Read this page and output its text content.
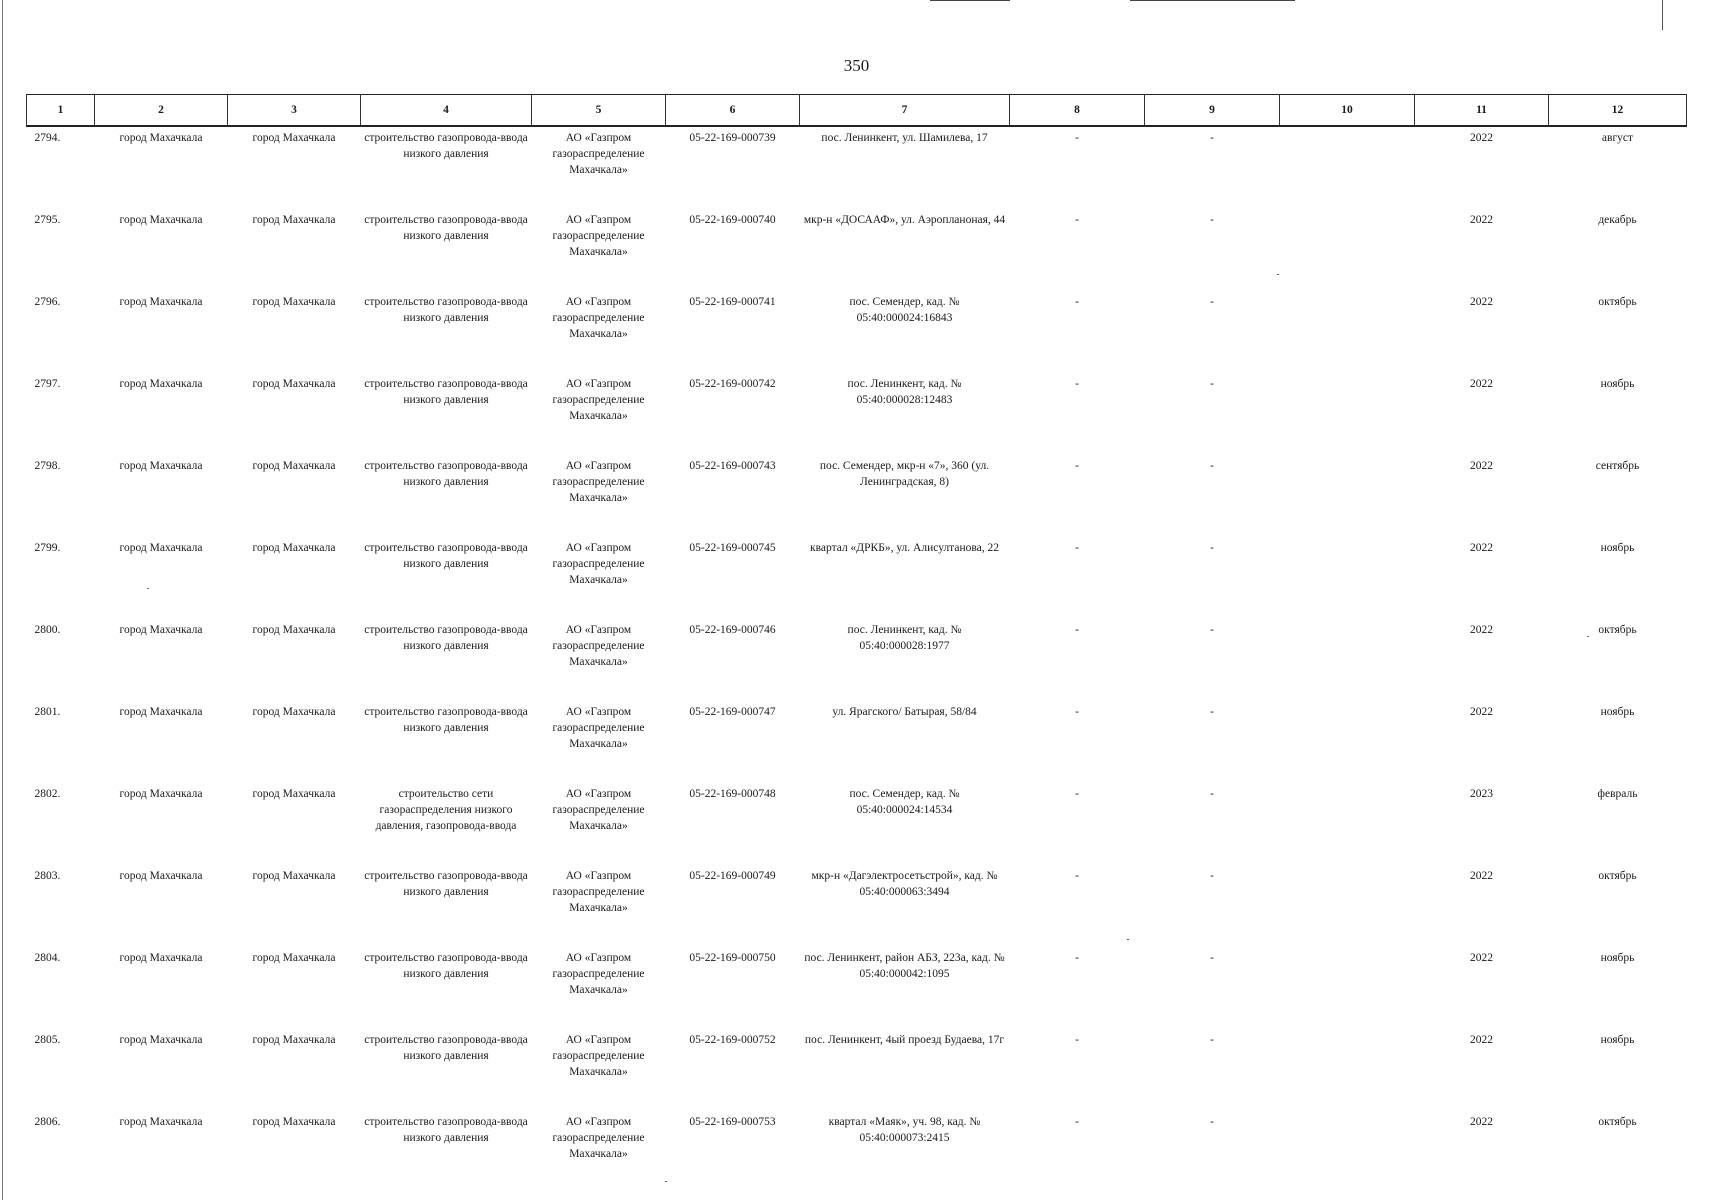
350
1	2	3	4	5	6	7	8	9	10	11	12
2794.	город Махачкала	город Махачкала	строительство газопровода-ввода низкого давления	АО «Газпром газораспределение Махачкала»	05-22-169-000739	пос. Ленинкент, ул. Шамилева, 17	-	-		2022	август
2795.	город Махачкала	город Махачкала	строительство газопровода-ввода низкого давления	АО «Газпром газораспределение Махачкала»	05-22-169-000740	мкр-н «ДОСААФ», ул. Аэропланоная, 44	-	-		2022	декабрь
2796.	город Махачкала	город Махачкала	строительство газопровода-ввода низкого давления	АО «Газпром газораспределение Махачкала»	05-22-169-000741	пос. Семендер, кад. № 05:40:000024:16843	-	-		2022	октябрь
2797.	город Махачкала	город Махачкала	строительство газопровода-ввода низкого давления	АО «Газпром газораспределение Махачкала»	05-22-169-000742	пос. Ленинкент, кад. № 05:40:000028:12483	-	-		2022	ноябрь
2798.	город Махачкала	город Махачкала	строительство газопровода-ввода низкого давления	АО «Газпром газораспределение Махачкала»	05-22-169-000743	пос. Семендер, мкр-н «7», 360 (ул. Ленинградская, 8)	-	-		2022	сентябрь
2799.	город Махачкала	город Махачкала	строительство газопровода-ввода низкого давления	АО «Газпром газораспределение Махачкала»	05-22-169-000745	квартал «ДРКБ», ул. Алисултанова, 22	-	-		2022	ноябрь
2800.	город Махачкала	город Махачкала	строительство газопровода-ввода низкого давления	АО «Газпром газораспределение Махачкала»	05-22-169-000746	пос. Ленинкент, кад. № 05:40:000028:1977	-	-		2022	октябрь
2801.	город Махачкала	город Махачкала	строительство газопровода-ввода низкого давления	АО «Газпром газораспределение Махачкала»	05-22-169-000747	ул. Ярагского/ Батырая, 58/84	-	-		2022	ноябрь
2802.	город Махачкала	город Махачкала	строительство сети газораспределения низкого давления, газопровода-ввода	АО «Газпром газораспределение Махачкала»	05-22-169-000748	пос. Семендер, кад. № 05:40:000024:14534	-	-		2023	февраль
2803.	город Махачкала	город Махачкала	строительство газопровода-ввода низкого давления	АО «Газпром газораспределение Махачкала»	05-22-169-000749	мкр-н «Дагэлектросетьстрой», кад. № 05:40:000063:3494	-	-		2022	октябрь
2804.	город Махачкала	город Махачкала	строительство газопровода-ввода низкого давления	АО «Газпром газораспределение Махачкала»	05-22-169-000750	пос. Ленинкент, район АБЗ, 223а, кад. № 05:40:000042:1095	-	-		2022	ноябрь
2805.	город Махачкала	город Махачкала	строительство газопровода-ввода низкого давления	АО «Газпром газораспределение Махачкала»	05-22-169-000752	пос. Ленинкент, 4ый проезд Будаева, 17г	-	-		2022	ноябрь
2806.	город Махачкала	город Махачкала	строительство газопровода-ввода низкого давления	АО «Газпром газораспределение Махачкала»	05-22-169-000753	квартал «Маяк», уч. 98, кад. № 05:40:000073:2415	-	-		2022	октябрь
